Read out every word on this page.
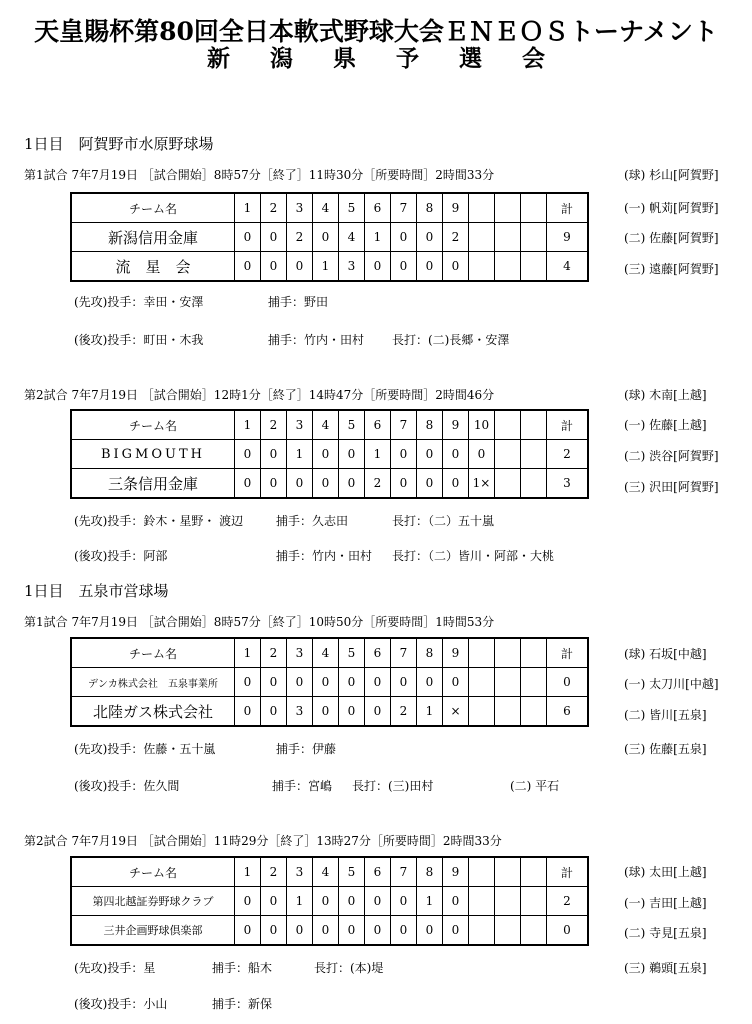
天皇賜杯第80回全日本軟式野球大会ＥＮＥＯＳトーナメント
新 潟 県 予 選 会
1日目　阿賀野市水原野球場
第1試合 7年7月19日 ［試合開始］8時57分［終了］11時30分［所要時間］2時間33分
チーム名	1	2	3	4	5	6	7	8	9				計
新潟信用金庫	0	0	2	0	4	1	0	0	2				9
流　星　会	0	0	0	1	3	0	0	0	0				4
(球) 杉山[阿賀野]
(一) 帆苅[阿賀野]
(二) 佐藤[阿賀野]
(三) 遠藤[阿賀野]
(先攻)投手：幸田・安澤	捕手：野田
(後攻)投手：町田・木我	捕手：竹内・田村 長打：(二)長郷・安澤
第2試合 7年7月19日 ［試合開始］12時1分［終了］14時47分［所要時間］2時間46分
チーム名	1	2	3	4	5	6	7	8	9	10			計
BIGMOUTH	0	0	1	0	0	1	0	0	0	0			2
三条信用金庫	0	0	0	0	0	2	0	0	0	1×			3
(球) 木南[上越]
(一) 佐藤[上越]
(二) 渋谷[阿賀野]
(三) 沢田[阿賀野]
(先攻)投手：鈴木・星野・ 渡辺	捕手：久志田	長打：（二）五十嵐
(後攻)投手：阿部	捕手：竹内・田村 長打：（二）皆川・阿部・大桃
1日目　五泉市営球場
第1試合 7年7月19日 ［試合開始］8時57分［終了］10時50分［所要時間］1時間53分
チーム名	1	2	3	4	5	6	7	8	9				計
デンカ株式会社　五泉事業所	0	0	0	0	0	0	0	0	0				0
北陸ガス株式会社	0	0	3	0	0	0	2	1	×				6
(球) 石坂[中越]
(一) 太刀川[中越]
(二) 皆川[五泉]
(三) 佐藤[五泉]
(先攻)投手：佐藤・五十嵐	捕手：伊藤
(後攻)投手：佐久間	捕手：宮嶋 長打：(三)田村	(二) 平石
第2試合 7年7月19日 ［試合開始］11時29分［終了］13時27分［所要時間］2時間33分
チーム名	1	2	3	4	5	6	7	8	9				計
第四北越証券野球クラブ	0	0	1	0	0	0	0	1	0				2
三井企画野球倶楽部	0	0	0	0	0	0	0	0	0				0
(球) 太田[上越]
(一) 吉田[上越]
(二) 寺見[五泉]
(三) 鵜頭[五泉]
(先攻)投手：星	捕手：船木	長打：(本)堤
(後攻)投手：小山	捕手：新保
